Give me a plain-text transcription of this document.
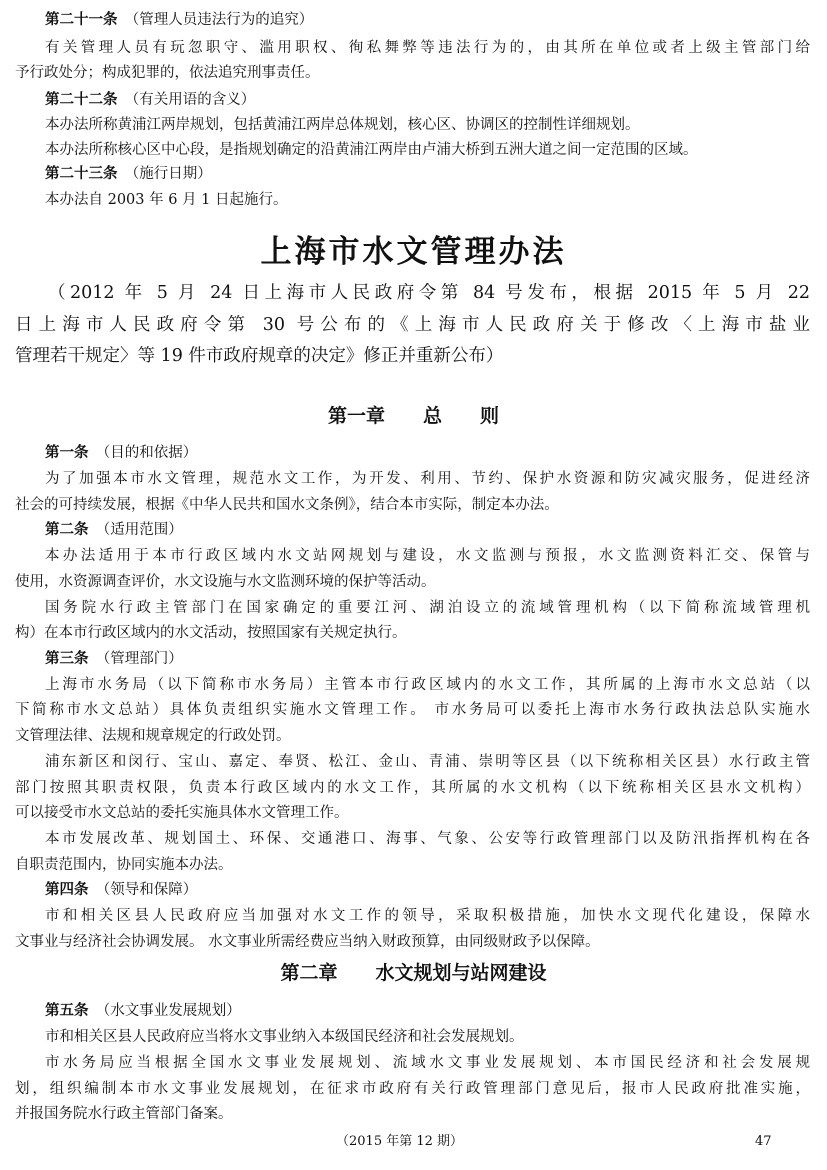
第二十一条　 （管理人员违法行为的追究）
有关管理人员有玩忽职守、滥用职权、徇私舞弊等违法行为的，由其所在单位或者上级主管部门给
予行政处分；构成犯罪的，依法追究刑事责任。
第二十二条　 （有关用语的含义）
本办法所称黄浦江两岸规划，包括黄浦江两岸总体规划，核心区、协调区的控制性详细规划。
本办法所称核心区中心段，是指规划确定的沿黄浦江两岸由卢浦大桥到五洲大道之间一定范围的区域。
第二十三条　 （施行日期）
本办法自 2003 年 6 月 1 日起施行。
上海市水文管理办法
（2012 年 5 月 24 日上海市人民政府令第 84 号发布，根据 2015 年 5 月 22
日上海市人民政府令第 30 号公布的《上海市人民政府关于修改〈上海市盐业
管理若干规定〉等 19 件市政府规章的决定》修正并重新公布）
第一章　　总　　则
第一条　 （目的和依据）
为了加强本市水文管理，规范水文工作，为开发、利用、节约、保护水资源和防灾减灾服务，促进经济
社会的可持续发展，根据《中华人民共和国水文条例》，结合本市实际，制定本办法。
第二条　 （适用范围）
本办法适用于本市行政区域内水文站网规划与建设，水文监测与预报，水文监测资料汇交、保管与
使用，水资源调查评价，水文设施与水文监测环境的保护等活动。
国务院水行政主管部门在国家确定的重要江河、湖泊设立的流域管理机构（以下简称流域管理机
构）在本市行政区域内的水文活动，按照国家有关规定执行。
第三条　 （管理部门）
上海市水务局（以下简称市水务局）主管本市行政区域内的水文工作，其所属的上海市水文总站（以
下简称市水文总站）具体负责组织实施水文管理工作。 市水务局可以委托上海市水务行政执法总队实施水
文管理法律、法规和规章规定的行政处罚。
浦东新区和闵行、宝山、嘉定、奉贤、松江、金山、青浦、崇明等区县（以下统称相关区县）水行政主管
部门按照其职责权限，负责本行政区域内的水文工作，其所属的水文机构（以下统称相关区县水文机构）
可以接受市水文总站的委托实施具体水文管理工作。
本市发展改革、规划国土、环保、交通港口、海事、气象、公安等行政管理部门以及防汛指挥机构在各
自职责范围内，协同实施本办法。
第四条　 （领导和保障）
市和相关区县人民政府应当加强对水文工作的领导，采取积极措施，加快水文现代化建设，保障水
文事业与经济社会协调发展。 水文事业所需经费应当纳入财政预算，由同级财政予以保障。
第二章　　水文规划与站网建设
第五条　 （水文事业发展规划）
市和相关区县人民政府应当将水文事业纳入本级国民经济和社会发展规划。
市水务局应当根据全国水文事业发展规划、流域水文事业发展规划、本市国民经济和社会发展规
划，组织编制本市水文事业发展规划，在征求市政府有关行政管理部门意见后，报市人民政府批准实施，
并报国务院水行政主管部门备案。
（2015 年第 12 期）	47
